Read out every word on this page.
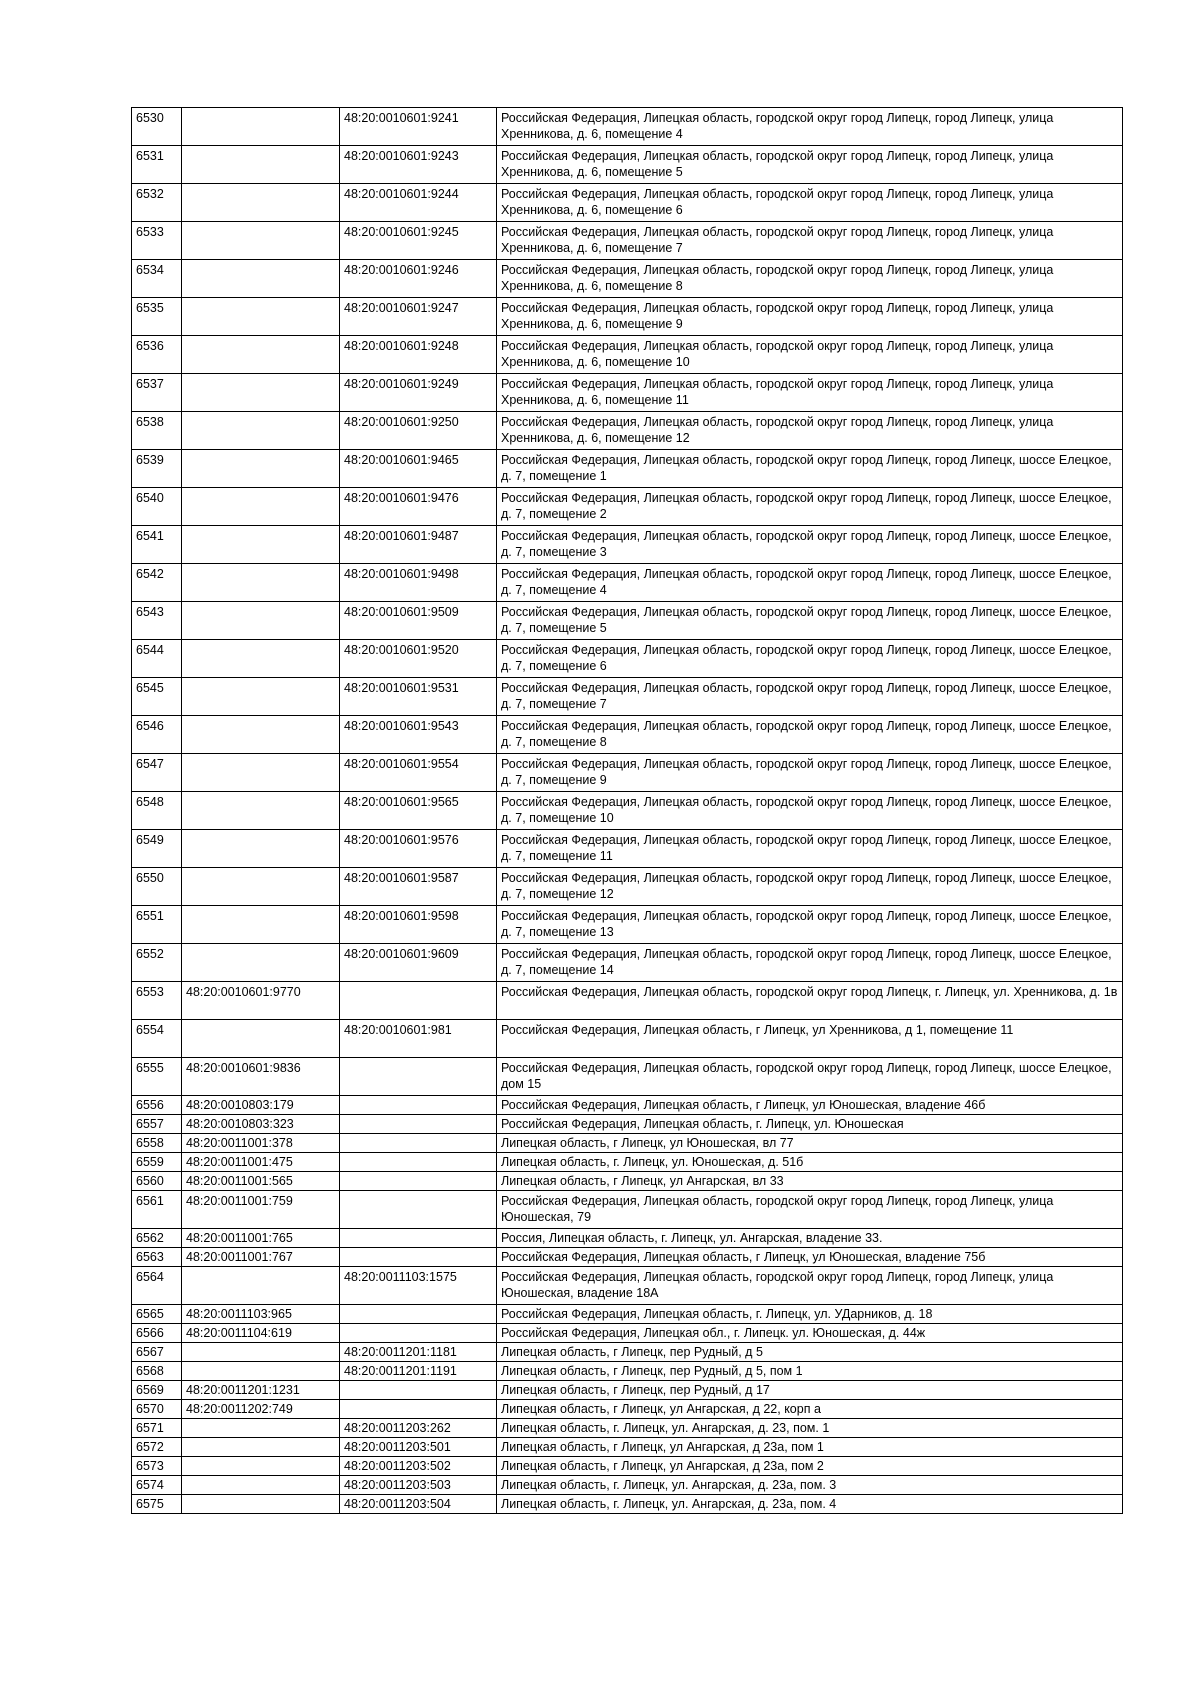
6530		48:20:0010601:9241	Российская Федерация, Липецкая область, городской округ город Липецк, город Липецк, улица Хренникова, д. 6, помещение 4
6531		48:20:0010601:9243	Российская Федерация, Липецкая область, городской округ город Липецк, город Липецк, улица Хренникова, д. 6, помещение 5
6532		48:20:0010601:9244	Российская Федерация, Липецкая область, городской округ город Липецк, город Липецк, улица Хренникова, д. 6, помещение 6
6533		48:20:0010601:9245	Российская Федерация, Липецкая область, городской округ город Липецк, город Липецк, улица Хренникова, д. 6, помещение 7
6534		48:20:0010601:9246	Российская Федерация, Липецкая область, городской округ город Липецк, город Липецк, улица Хренникова, д. 6, помещение 8
6535		48:20:0010601:9247	Российская Федерация, Липецкая область, городской округ город Липецк, город Липецк, улица Хренникова, д. 6, помещение 9
6536		48:20:0010601:9248	Российская Федерация, Липецкая область, городской округ город Липецк, город Липецк, улица Хренникова, д. 6, помещение 10
6537		48:20:0010601:9249	Российская Федерация, Липецкая область, городской округ город Липецк, город Липецк, улица Хренникова, д. 6, помещение 11
6538		48:20:0010601:9250	Российская Федерация, Липецкая область, городской округ город Липецк, город Липецк, улица Хренникова, д. 6, помещение 12
6539		48:20:0010601:9465	Российская Федерация, Липецкая область, городской округ город Липецк, город Липецк, шоссе Елецкое, д. 7, помещение 1
6540		48:20:0010601:9476	Российская Федерация, Липецкая область, городской округ город Липецк, город Липецк, шоссе Елецкое, д. 7, помещение 2
6541		48:20:0010601:9487	Российская Федерация, Липецкая область, городской округ город Липецк, город Липецк, шоссе Елецкое, д. 7, помещение 3
6542		48:20:0010601:9498	Российская Федерация, Липецкая область, городской округ город Липецк, город Липецк, шоссе Елецкое, д. 7, помещение 4
6543		48:20:0010601:9509	Российская Федерация, Липецкая область, городской округ город Липецк, город Липецк, шоссе Елецкое, д. 7, помещение 5
6544		48:20:0010601:9520	Российская Федерация, Липецкая область, городской округ город Липецк, город Липецк, шоссе Елецкое, д. 7, помещение 6
6545		48:20:0010601:9531	Российская Федерация, Липецкая область, городской округ город Липецк, город Липецк, шоссе Елецкое, д. 7, помещение 7
6546		48:20:0010601:9543	Российская Федерация, Липецкая область, городской округ город Липецк, город Липецк, шоссе Елецкое, д. 7, помещение 8
6547		48:20:0010601:9554	Российская Федерация, Липецкая область, городской округ город Липецк, город Липецк, шоссе Елецкое, д. 7, помещение 9
6548		48:20:0010601:9565	Российская Федерация, Липецкая область, городской округ город Липецк, город Липецк, шоссе Елецкое, д. 7, помещение 10
6549		48:20:0010601:9576	Российская Федерация, Липецкая область, городской округ город Липецк, город Липецк, шоссе Елецкое, д. 7, помещение 11
6550		48:20:0010601:9587	Российская Федерация, Липецкая область, городской округ город Липецк, город Липецк, шоссе Елецкое, д. 7, помещение 12
6551		48:20:0010601:9598	Российская Федерация, Липецкая область, городской округ город Липецк, город Липецк, шоссе Елецкое, д. 7, помещение 13
6552		48:20:0010601:9609	Российская Федерация, Липецкая область, городской округ город Липецк, город Липецк, шоссе Елецкое, д. 7, помещение 14
6553	48:20:0010601:9770		Российская Федерация, Липецкая область, городской округ город Липецк, г. Липецк, ул. Хренникова, д. 1в
6554		48:20:0010601:981	Российская Федерация, Липецкая область, г Липецк, ул Хренникова, д 1, помещение 11
6555	48:20:0010601:9836		Российская Федерация, Липецкая область, городской округ город Липецк, город Липецк, шоссе Елецкое, дом 15
6556	48:20:0010803:179		Российская Федерация, Липецкая область, г Липецк, ул Юношеская, владение 46б
6557	48:20:0010803:323		Российская Федерация, Липецкая область, г. Липецк, ул. Юношеская
6558	48:20:0011001:378		Липецкая область, г Липецк, ул Юношеская, вл 77
6559	48:20:0011001:475		Липецкая область, г. Липецк, ул. Юношеская, д. 51б
6560	48:20:0011001:565		Липецкая область, г Липецк, ул Ангарская, вл 33
6561	48:20:0011001:759		Российская Федерация, Липецкая область, городской округ город Липецк, город Липецк, улица Юношеская, 79
6562	48:20:0011001:765		Россия, Липецкая область, г. Липецк, ул. Ангарская, владение 33.
6563	48:20:0011001:767		Российская Федерация, Липецкая область, г Липецк, ул Юношеская, владение 75б
6564		48:20:0011103:1575	Российская Федерация, Липецкая область, городской округ город Липецк, город Липецк, улица Юношеская, владение 18А
6565	48:20:0011103:965		Российская Федерация, Липецкая область, г. Липецк, ул. УДарников, д. 18
6566	48:20:0011104:619		Российская Федерация, Липецкая обл., г. Липецк. ул. Юношеская, д. 44ж
6567		48:20:0011201:1181	Липецкая область, г Липецк, пер Рудный, д 5
6568		48:20:0011201:1191	Липецкая область, г Липецк, пер Рудный, д 5, пом 1
6569	48:20:0011201:1231		Липецкая область, г Липецк, пер Рудный, д 17
6570	48:20:0011202:749		Липецкая область, г Липецк, ул Ангарская, д 22, корп а
6571		48:20:0011203:262	Липецкая область, г. Липецк, ул. Ангарская, д. 23, пом. 1
6572		48:20:0011203:501	Липецкая область, г Липецк, ул Ангарская, д 23а, пом 1
6573		48:20:0011203:502	Липецкая область, г Липецк, ул Ангарская, д 23а, пом 2
6574		48:20:0011203:503	Липецкая область, г. Липецк, ул. Ангарская, д. 23а, пом. 3
6575		48:20:0011203:504	Липецкая область, г. Липецк, ул. Ангарская, д. 23а, пом. 4
